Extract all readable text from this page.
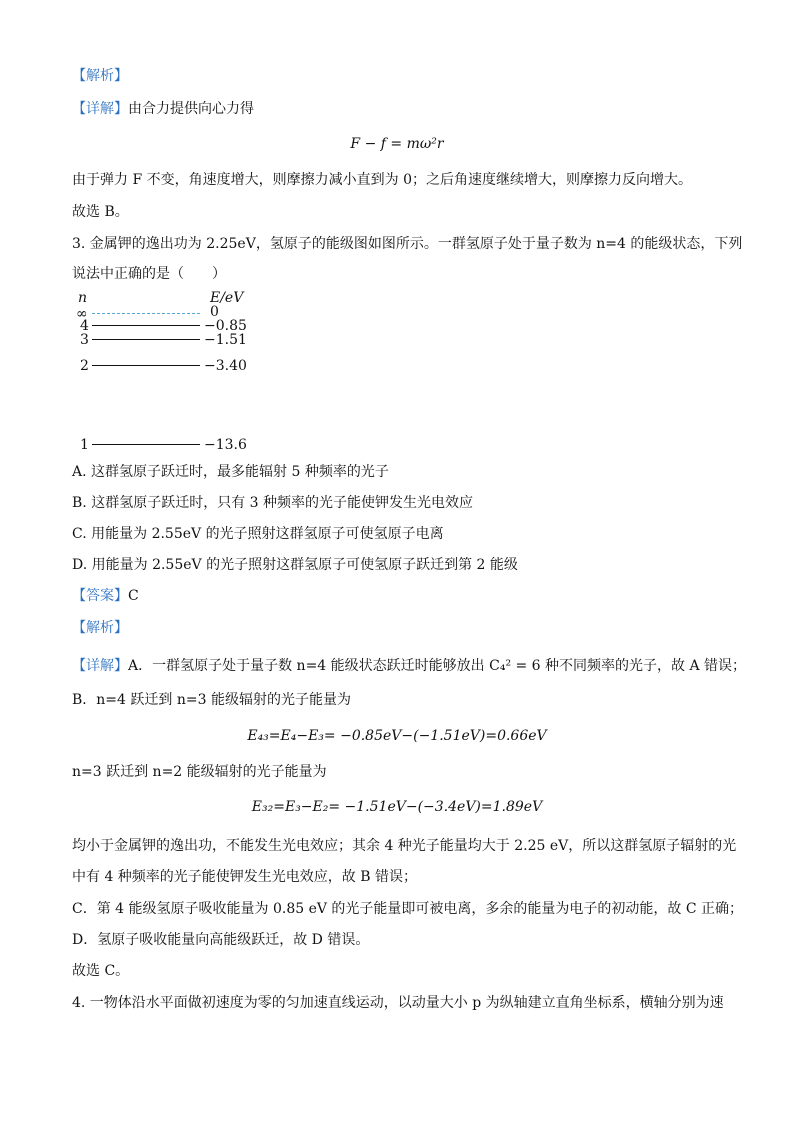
【解析】
【详解】由合力提供向心力得
F − f = mω²r
由于弹力 F 不变，角速度增大，则摩擦力减小直到为 0；之后角速度继续增大，则摩擦力反向增大。
故选 B。
3. 金属钾的逸出功为 2.25eV，氢原子的能级图如图所示。一群氢原子处于量子数为 n=4 的能级状态，下列
说法中正确的是（　　）
n	E/eV
∞	0
4	−0.85
3	−1.51
2	−3.40
1	−13.6
A. 这群氢原子跃迁时，最多能辐射 5 种频率的光子
B. 这群氢原子跃迁时，只有 3 种频率的光子能使钾发生光电效应
C. 用能量为 2.55eV 的光子照射这群氢原子可使氢原子电离
D. 用能量为 2.55eV 的光子照射这群氢原子可使氢原子跃迁到第 2 能级
【答案】C
【解析】
【详解】A．一群氢原子处于量子数 n=4 能级状态跃迁时能够放出 C₄² = 6 种不同频率的光子，故 A 错误；
B．n=4 跃迁到 n=3 能级辐射的光子能量为
E₄₃=E₄−E₃= −0.85eV−(−1.51eV)=0.66eV
n=3 跃迁到 n=2 能级辐射的光子能量为
E₃₂=E₃−E₂= −1.51eV−(−3.4eV)=1.89eV
均小于金属钾的逸出功，不能发生光电效应；其余 4 种光子能量均大于 2.25 eV，所以这群氢原子辐射的光
中有 4 种频率的光子能使钾发生光电效应，故 B 错误；
C．第 4 能级氢原子吸收能量为 0.85 eV 的光子能量即可被电离，多余的能量为电子的初动能，故 C 正确；
D．氢原子吸收能量向高能级跃迁，故 D 错误。
故选 C。
4. 一物体沿水平面做初速度为零的匀加速直线运动，以动量大小 p 为纵轴建立直角坐标系，横轴分别为速
